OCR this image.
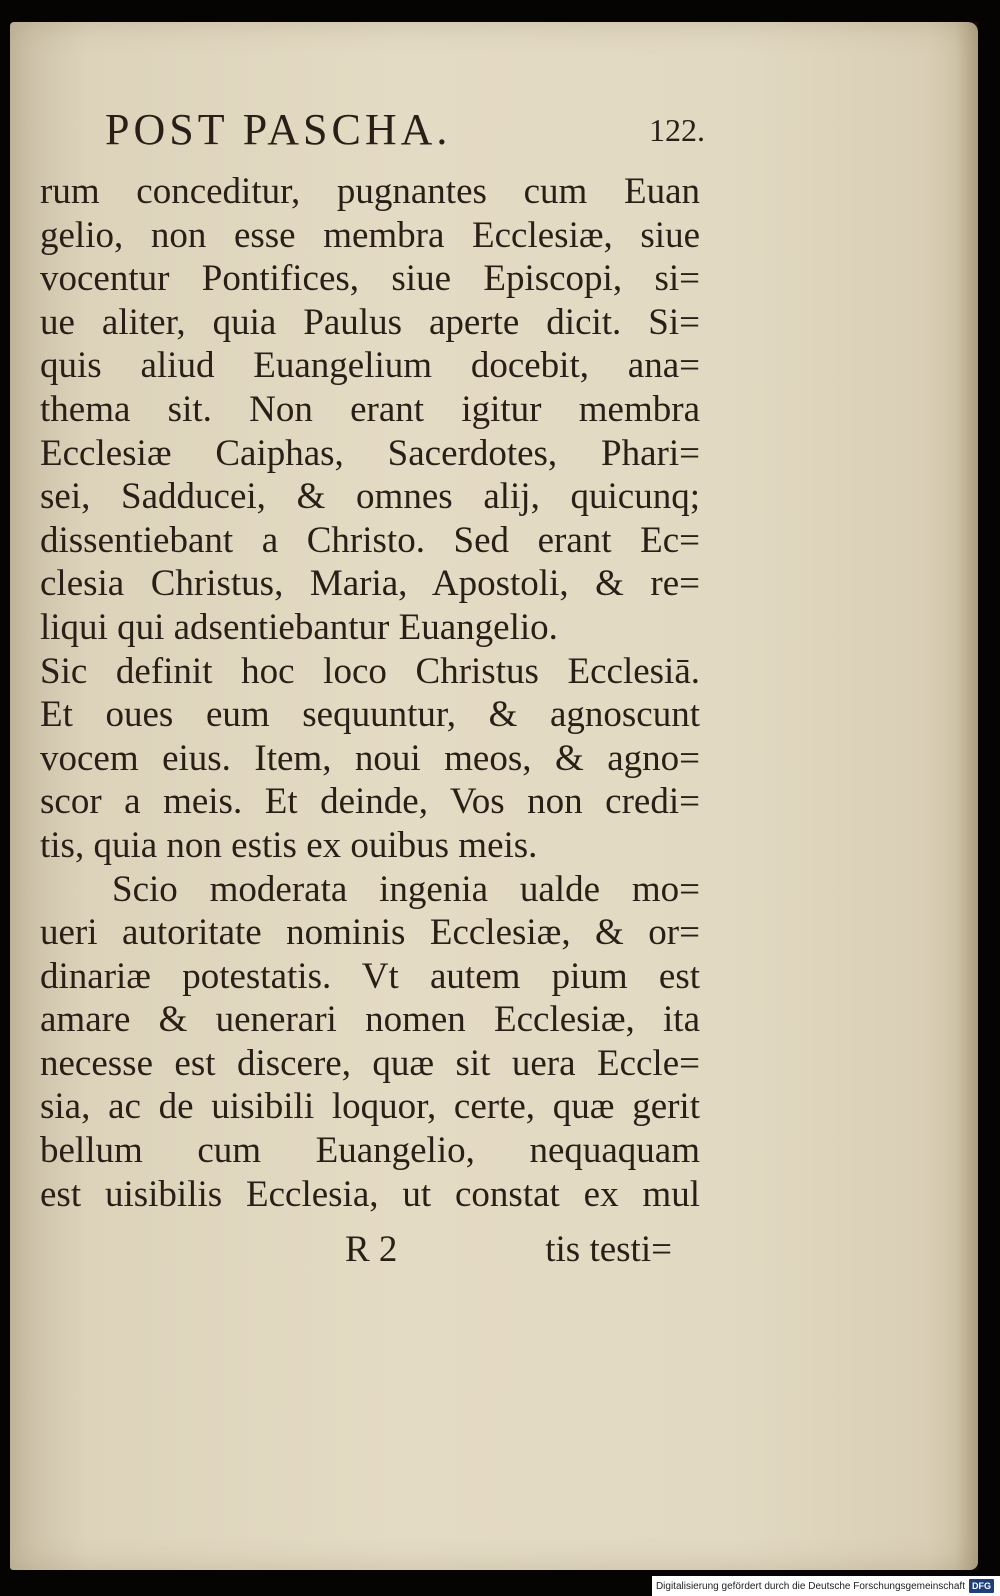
POST PASCHA.	122.
rum conceditur, pugnantes cum Euan
gelio, non esse membra Ecclesiæ, siue
vocentur Pontifices, siue Episcopi, si=
ue aliter, quia Paulus aperte dicit. Si=
quis aliud Euangelium docebit, ana=
thema sit. Non erant igitur membra
Ecclesiæ Caiphas, Sacerdotes, Phari=
sei, Sadducei, & omnes alij, quicunq;
dissentiebant a Christo. Sed erant Ec=
clesia Christus, Maria, Apostoli, & re=
liqui qui adsentiebantur Euangelio.
Sic definit hoc loco Christus Ecclesiā.
Et oues eum sequuntur, & agnoscunt
vocem eius. Item, noui meos, & agno=
scor a meis. Et deinde, Vos non credi=
tis, quia non estis ex ouibus meis.
Scio moderata ingenia ualde mo=
ueri autoritate nominis Ecclesiæ, & or=
dinariæ potestatis. Vt autem pium est
amare & uenerari nomen Ecclesiæ, ita
necesse est discere, quæ sit uera Eccle=
sia, ac de uisibili loquor, certe, quæ gerit
bellum cum Euangelio, nequaquam
est uisibilis Ecclesia, ut constat ex mul
R 2	tis testi=
Digitalisierung gefördert durch die Deutsche Forschungsgemeinschaft DFG
